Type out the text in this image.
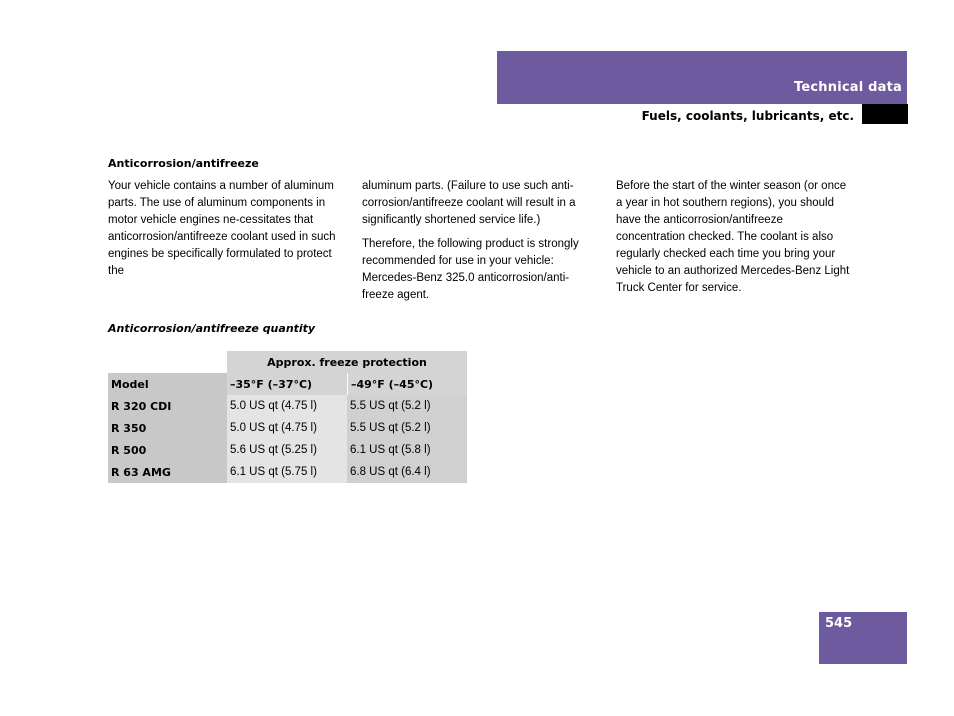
Technical data
Fuels, coolants, lubricants, etc.
Anticorrosion/antifreeze

Your vehicle contains a number of aluminum parts. The use of aluminum components in motor vehicle engines ne-cessitates that anticorrosion/antifreeze coolant used in such engines be specifically formulated to protect the

aluminum parts. (Failure to use such anti-corrosion/antifreeze coolant will result in a significantly shortened service life.)

Therefore, the following product is strongly recommended for use in your vehicle: Mercedes-Benz 325.0 anticorrosion/anti-freeze agent.

Before the start of the winter season (or once a year in hot southern regions), you should have the anticorrosion/antifreeze concentration checked. The coolant is also regularly checked each time you bring your vehicle to an authorized Mercedes-Benz Light Truck Center for service.

Anticorrosion/antifreeze quantity
	Approx. freeze protection	
Model	–35°F (–37°C)	–49°F (–45°C)
R 320 CDI	5.0 US qt (4.75 l)	5.5 US qt (5.2 l)
R 350	5.0 US qt (4.75 l)	5.5 US qt (5.2 l)
R 500	5.6 US qt (5.25 l)	6.1 US qt (5.8 l)
R 63 AMG	6.1 US qt (5.75 l)	6.8 US qt (6.4 l)
545
